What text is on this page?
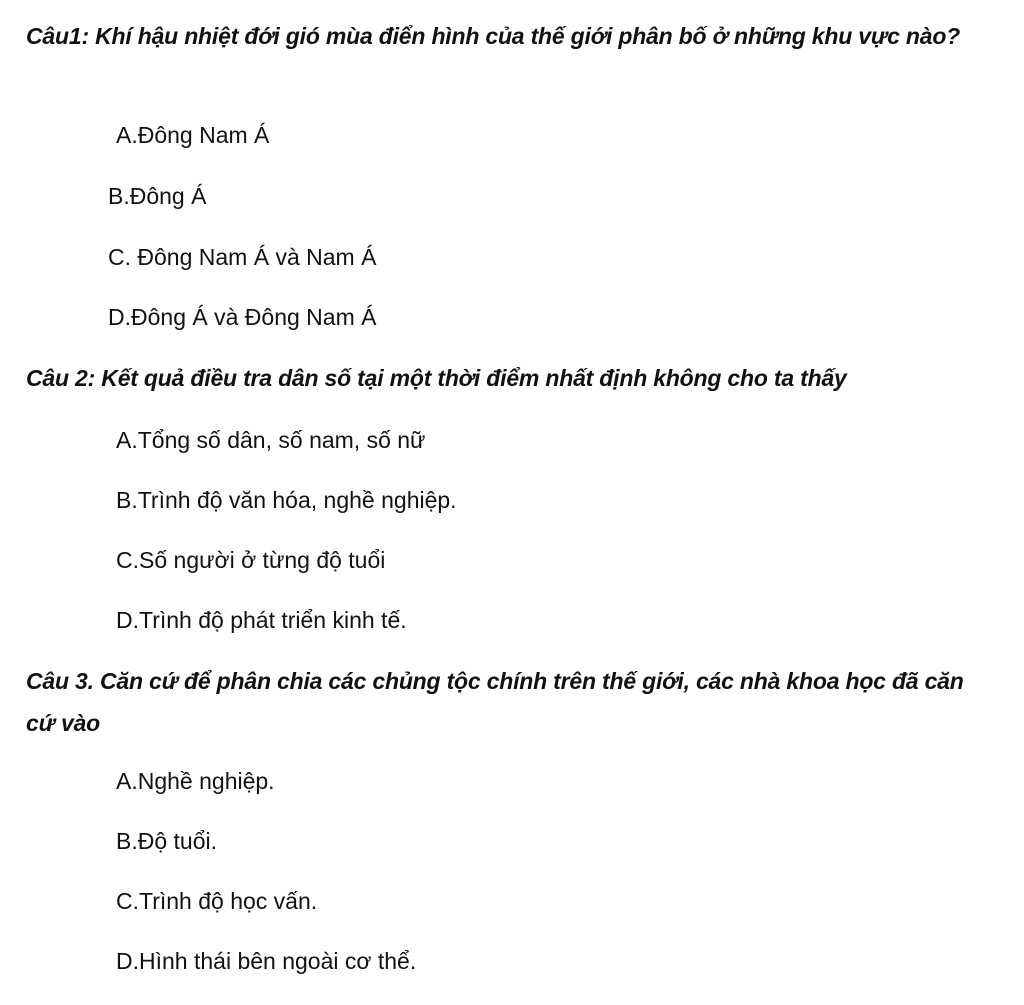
Câu1: Khí hậu nhiệt đới gió mùa điển hình của thế giới phân bố ở những khu vực nào?
A.Đông Nam Á
B.Đông Á
C. Đông Nam Á và Nam Á
D.Đông Á và Đông Nam Á
Câu 2: Kết quả điều tra dân số tại một thời điểm nhất định không cho ta thấy
A.Tổng số dân, số nam, số nữ
B.Trình độ văn hóa, nghề nghiệp.
C.Số người ở từng độ tuổi
D.Trình độ phát triển kinh tế.
Câu 3. Căn cứ để phân chia các chủng tộc chính trên thế giới, các nhà khoa học đã căn cứ vào
A.Nghề nghiệp.
B.Độ tuổi.
C.Trình độ học vấn.
D.Hình thái bên ngoài cơ thể.
